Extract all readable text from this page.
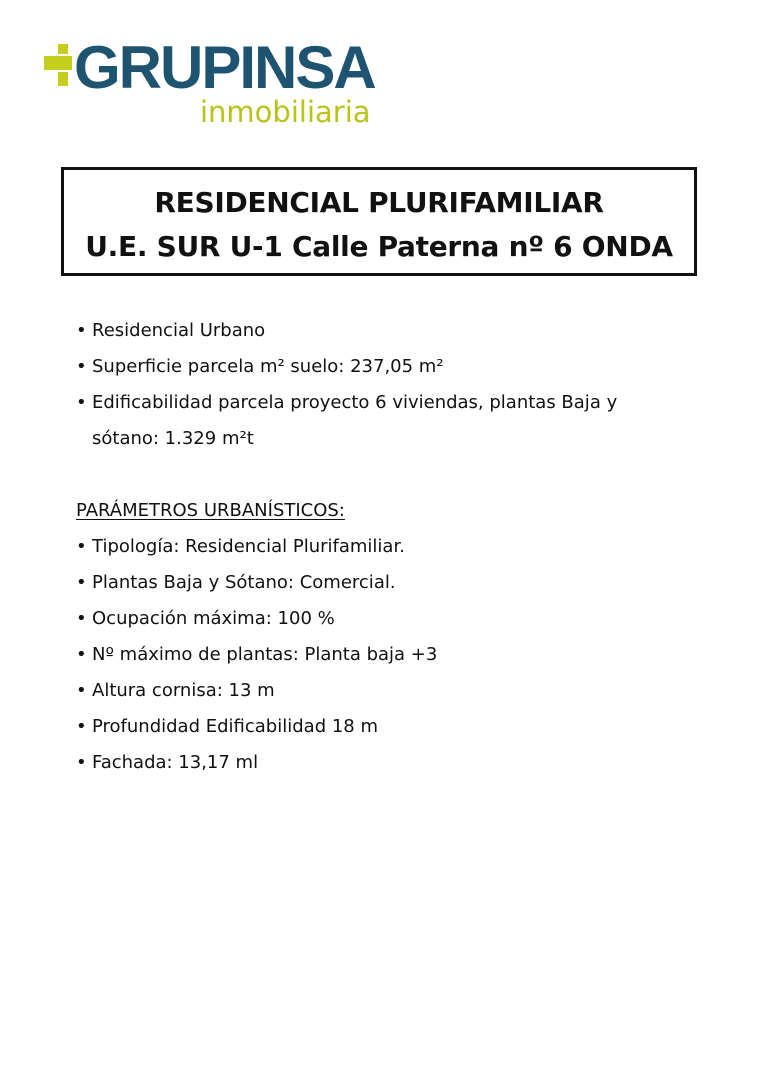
GRUPINSA
inmobiliaria
RESIDENCIAL PLURIFAMILIAR
U.E. SUR U-1 Calle Paterna nº 6 ONDA
• Residencial Urbano
• Superficie parcela m² suelo: 237,05 m²
• Edificabilidad parcela proyecto 6 viviendas, plantas Baja y
sótano: 1.329 m²t
PARÁMETROS URBANÍSTICOS:
• Tipología: Residencial Plurifamiliar.
• Plantas Baja y Sótano: Comercial.
• Ocupación máxima: 100 %
• Nº máximo de plantas: Planta baja +3
• Altura cornisa: 13 m
• Profundidad Edificabilidad 18 m
• Fachada: 13,17 ml
